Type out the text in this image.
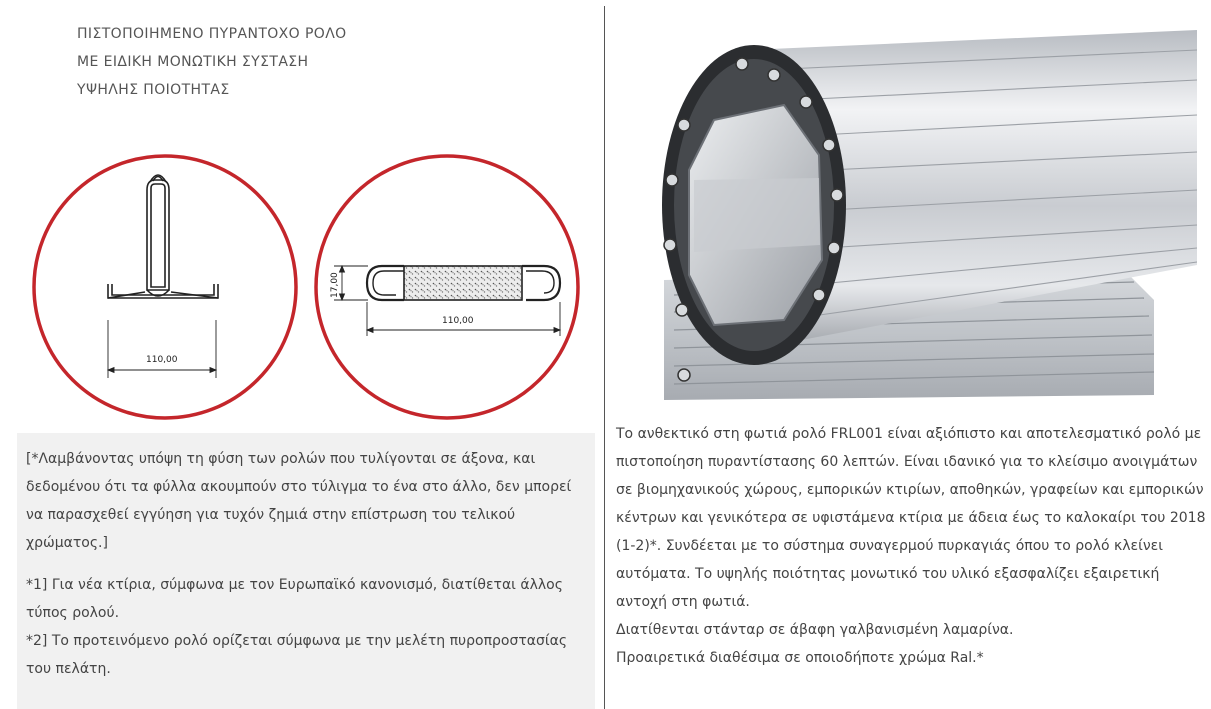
ΠΙΣΤΟΠΟΙΗΜΕΝΟ ΠΥΡΑΝΤΟΧΟ ΡΟΛΟ
ΜΕ ΕΙΔΙΚΗ ΜΟΝΩΤΙΚΗ ΣΥΣΤΑΣΗ
ΥΨΗΛΗΣ ΠΟΙΟΤΗΤΑΣ
110,00
17,00
110,00

[*Λαμβάνοντας υπόψη τη φύση των ρολών που τυλίγονται σε άξονα, και δεδομένου ότι τα φύλλα ακουμπούν στο τύλιγμα το ένα στο άλλο, δεν μπορεί να παρασχεθεί εγγύηση για τυχόν ζημιά στην επίστρωση του τελικού χρώματος.]

*1] Για νέα κτίρια, σύμφωνα με τον Ευρωπαϊκό κανονισμό, διατίθεται άλλος τύπος ρολού.

*2] Το προτεινόμενο ρολό ορίζεται σύμφωνα με την μελέτη πυροπροστασίας του πελάτη.

Το ανθεκτικό στη φωτιά ρολό FRL001 είναι αξιόπιστο και αποτελεσματικό ρολό με πιστοποίηση πυραντίστασης 60 λεπτών. Είναι ιδανικό για το κλείσιμο ανοιγμάτων σε βιομηχανικούς χώρους, εμπορικών κτιρίων, αποθηκών, γραφείων και εμπορικών κέντρων και γενικότερα σε υφιστάμενα κτίρια με άδεια έως το καλοκαίρι του 2018 (1-2)*. Συνδέεται με το σύστημα συναγερμού πυρκαγιάς όπου το ρολό κλείνει αυτόματα. Το υψηλής ποιότητας μονωτικό του υλικό εξασφαλίζει εξαιρετική αντοχή στη φωτιά.

Διατίθενται στάνταρ σε άβαφη γαλβανισμένη λαμαρίνα.

Προαιρετικά διαθέσιμα σε οποιοδήποτε χρώμα Ral.*
